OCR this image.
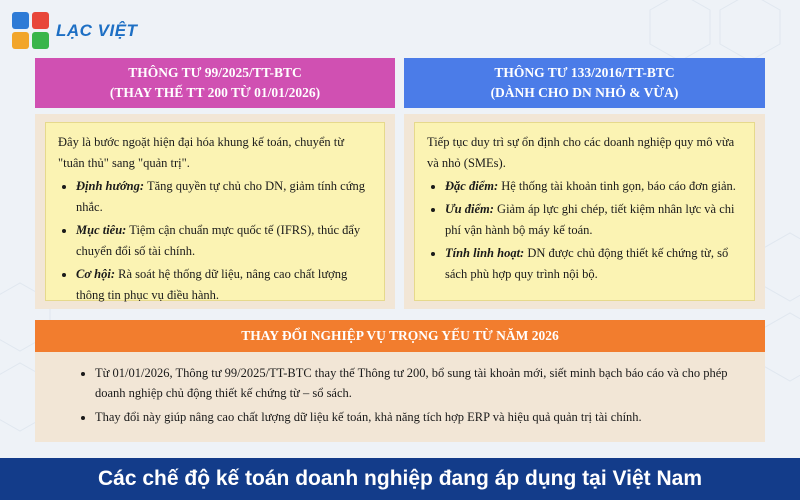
LẠC VIỆT
THÔNG TƯ 99/2025/TT-BTC
(THAY THẾ TT 200 TỪ 01/01/2026)

Đây là bước ngoặt hiện đại hóa khung kế toán, chuyển từ "tuân thủ" sang "quản trị".

• Định hướng: Tăng quyền tự chủ cho DN, giảm tính cứng nhắc.
• Mục tiêu: Tiệm cận chuẩn mực quốc tế (IFRS), thúc đẩy chuyển đổi số tài chính.
• Cơ hội: Rà soát hệ thống dữ liệu, nâng cao chất lượng thông tin phục vụ điều hành.
THÔNG TƯ 133/2016/TT-BTC
(DÀNH CHO DN NHỎ & VỪA)

Tiếp tục duy trì sự ổn định cho các doanh nghiệp quy mô vừa và nhỏ (SMEs).

• Đặc điểm: Hệ thống tài khoản tinh gọn, báo cáo đơn giản.
• Ưu điểm: Giảm áp lực ghi chép, tiết kiệm nhân lực và chi phí vận hành bộ máy kế toán.
• Tính linh hoạt: DN được chủ động thiết kế chứng từ, sổ sách phù hợp quy trình nội bộ.
THAY ĐỔI NGHIỆP VỤ TRỌNG YẾU TỪ NĂM 2026
• Từ 01/01/2026, Thông tư 99/2025/TT-BTC thay thế Thông tư 200, bổ sung tài khoản mới, siết minh bạch báo cáo và cho phép doanh nghiệp chủ động thiết kế chứng từ – sổ sách.
• Thay đổi này giúp nâng cao chất lượng dữ liệu kế toán, khả năng tích hợp ERP và hiệu quả quản trị tài chính.
Các chế độ kế toán doanh nghiệp đang áp dụng tại Việt Nam
